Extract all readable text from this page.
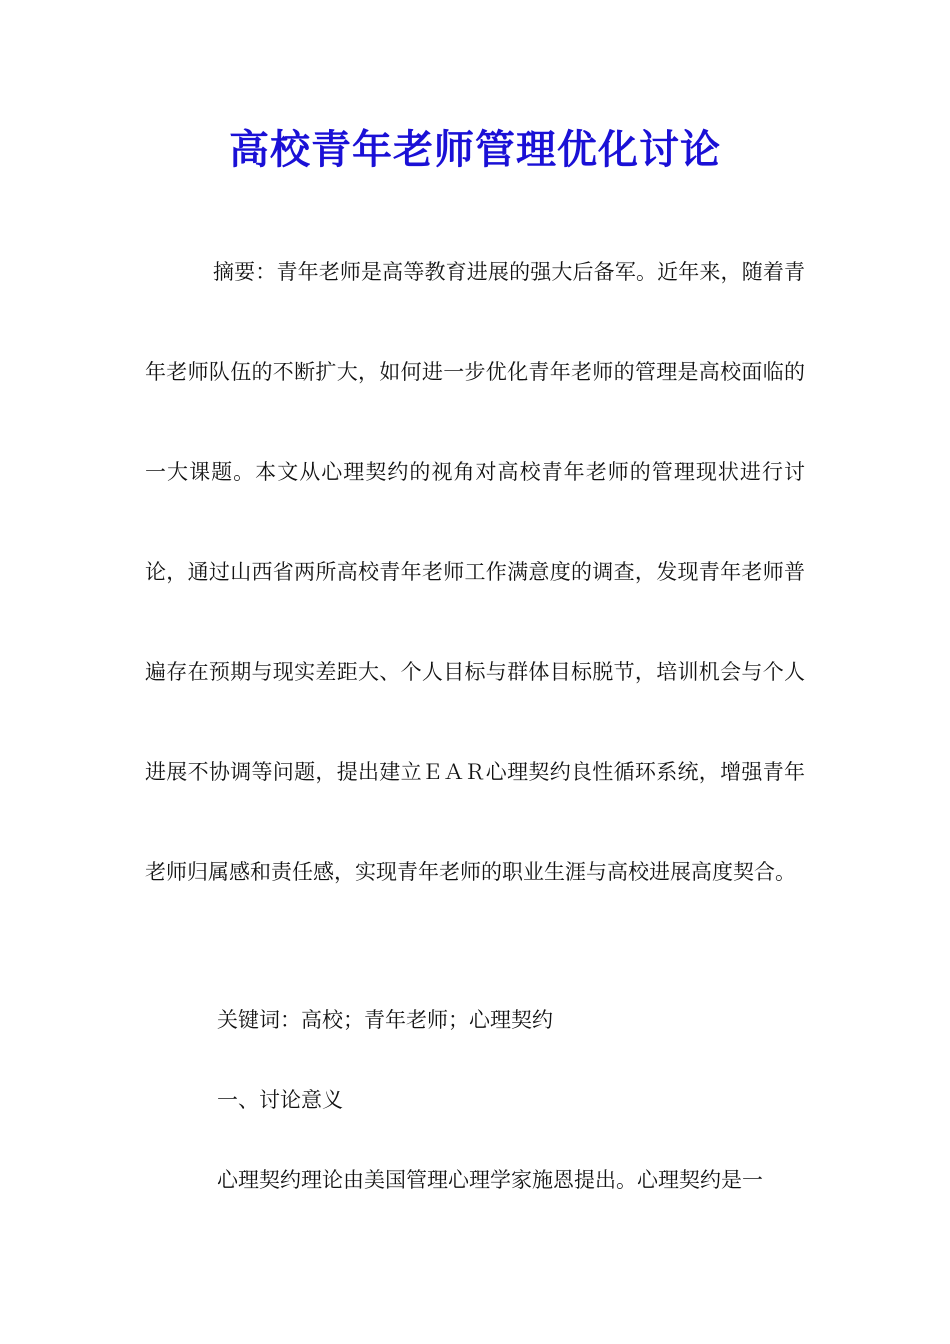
高校青年老师管理优化讨论

摘要：青年老师是高等教育进展的强大后备军。近年来，随着青年老师队伍的不断扩大，如何进一步优化青年老师的管理是高校面临的一大课题。本文从心理契约的视角对高校青年老师的管理现状进行讨论，通过山西省两所高校青年老师工作满意度的调查，发现青年老师普遍存在预期与现实差距大、个人目标与群体目标脱节，培训机会与个人进展不协调等问题，提出建立ＥＡＲ心理契约良性循环系统，增强青年老师归属感和责任感，实现青年老师的职业生涯与高校进展高度契合。

关键词：高校；青年老师；心理契约

一、讨论意义

心理契约理论由美国管理心理学家施恩提出。心理契约是一
